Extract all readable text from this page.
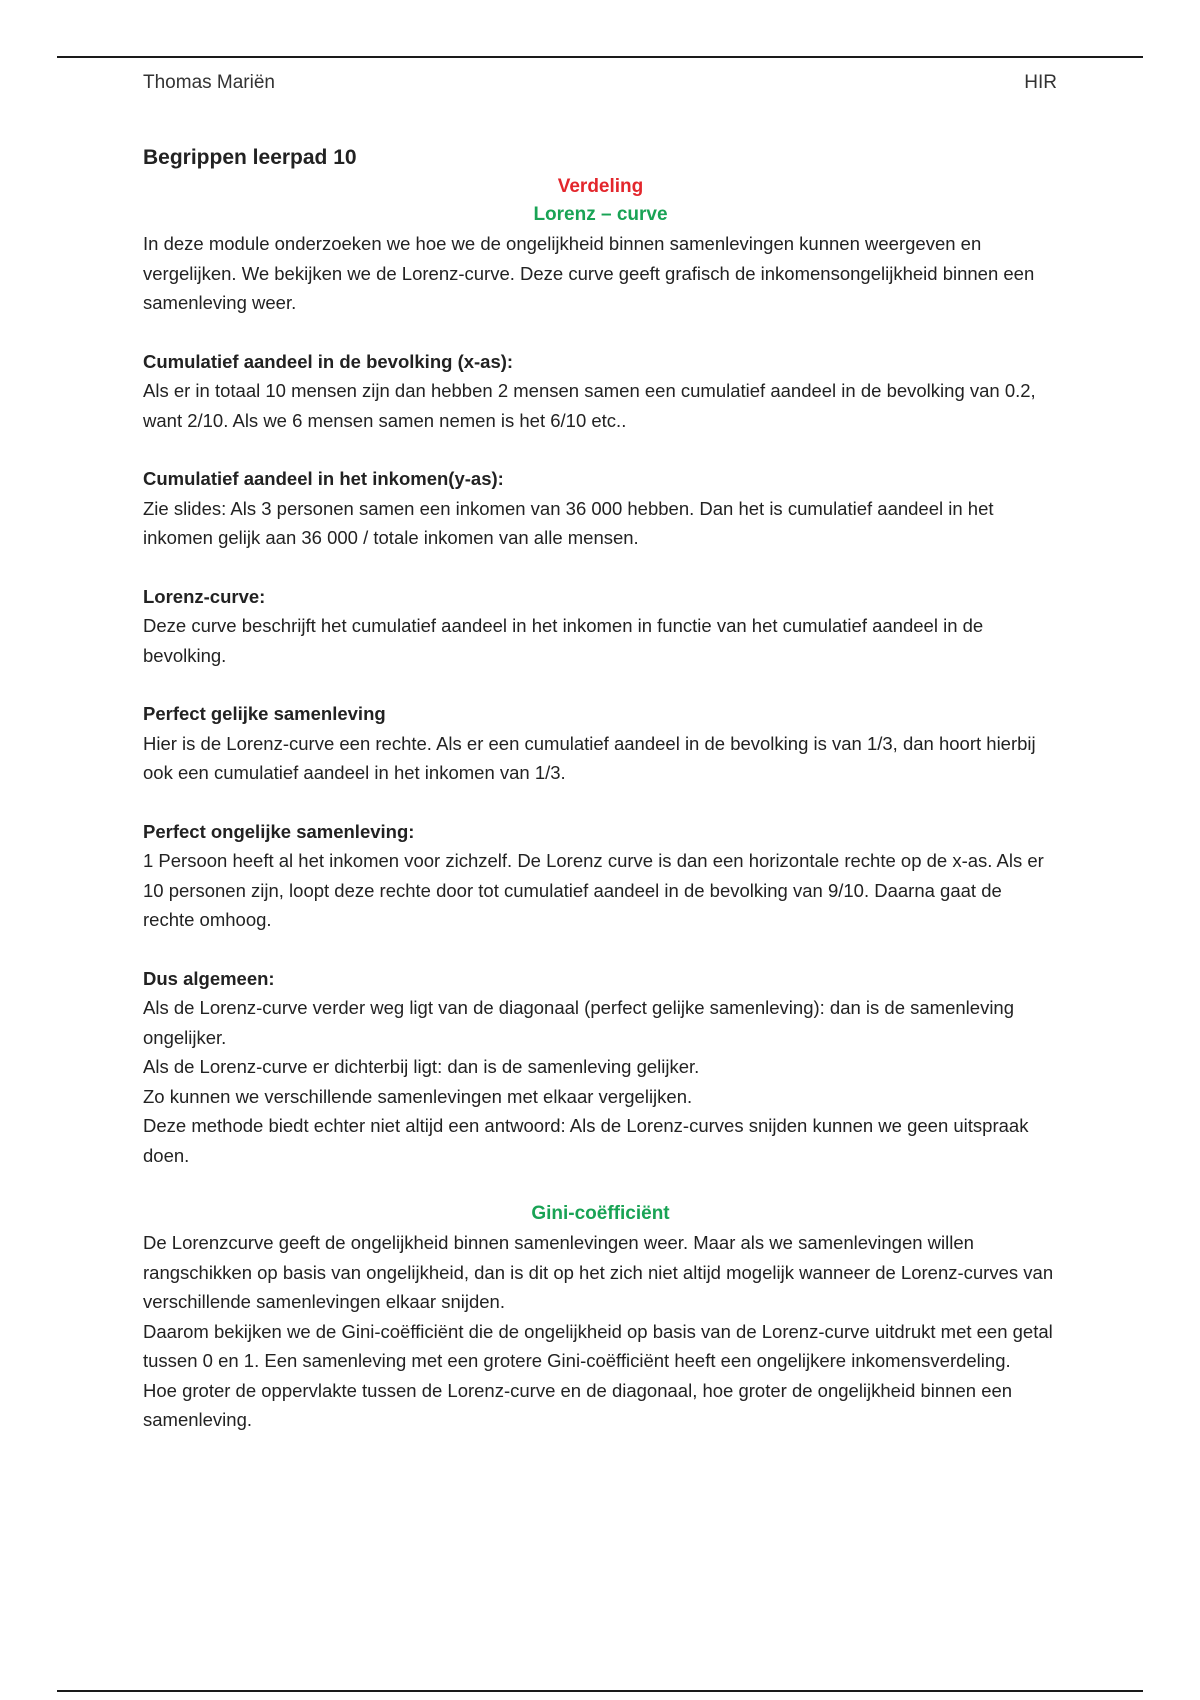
Thomas Mariën	HIR
Begrippen leerpad 10
Verdeling
Lorenz – curve

In deze module onderzoeken we hoe we de ongelijkheid binnen samenlevingen kunnen weergeven en vergelijken. We bekijken we de Lorenz-curve. Deze curve geeft grafisch de inkomensongelijkheid binnen een samenleving weer.

Cumulatief aandeel in de bevolking (x-as):

Als er in totaal 10 mensen zijn dan hebben 2 mensen samen een cumulatief aandeel in de bevolking van 0.2, want 2/10. Als we 6 mensen samen nemen is het 6/10 etc..

Cumulatief aandeel in het inkomen(y-as):

Zie slides: Als 3 personen samen een inkomen van 36 000 hebben. Dan het is cumulatief aandeel in het inkomen gelijk aan 36 000 / totale inkomen van alle mensen.

Lorenz-curve:

Deze curve beschrijft het cumulatief aandeel in het inkomen in functie van het cumulatief aandeel in de bevolking.

Perfect gelijke samenleving

Hier is de Lorenz-curve een rechte. Als er een cumulatief aandeel in de bevolking is van 1/3, dan hoort hierbij ook een cumulatief aandeel in het inkomen van 1/3.

Perfect ongelijke samenleving:

1 Persoon heeft al het inkomen voor zichzelf. De Lorenz curve is dan een horizontale rechte op de x-as. Als er 10 personen zijn, loopt deze rechte door tot cumulatief aandeel in de bevolking van 9/10. Daarna gaat de rechte omhoog.

Dus algemeen:

Als de Lorenz-curve verder weg ligt van de diagonaal (perfect gelijke samenleving): dan is de samenleving ongelijker.

Als de Lorenz-curve er dichterbij ligt: dan is de samenleving gelijker.

Zo kunnen we verschillende samenlevingen met elkaar vergelijken.

Deze methode biedt echter niet altijd een antwoord: Als de Lorenz-curves snijden kunnen we geen uitspraak doen.

Gini-coëfficiënt

De Lorenzcurve geeft de ongelijkheid binnen samenlevingen weer. Maar als we samenlevingen willen rangschikken op basis van ongelijkheid, dan is dit op het zich niet altijd mogelijk wanneer de Lorenz-curves van verschillende samenlevingen elkaar snijden.

Daarom bekijken we de Gini-coëfficiënt die de ongelijkheid op basis van de Lorenz-curve uitdrukt met een getal tussen 0 en 1. Een samenleving met een grotere Gini-coëfficiënt heeft een ongelijkere inkomensverdeling.

Hoe groter de oppervlakte tussen de Lorenz-curve en de diagonaal, hoe groter de ongelijkheid binnen een samenleving.
